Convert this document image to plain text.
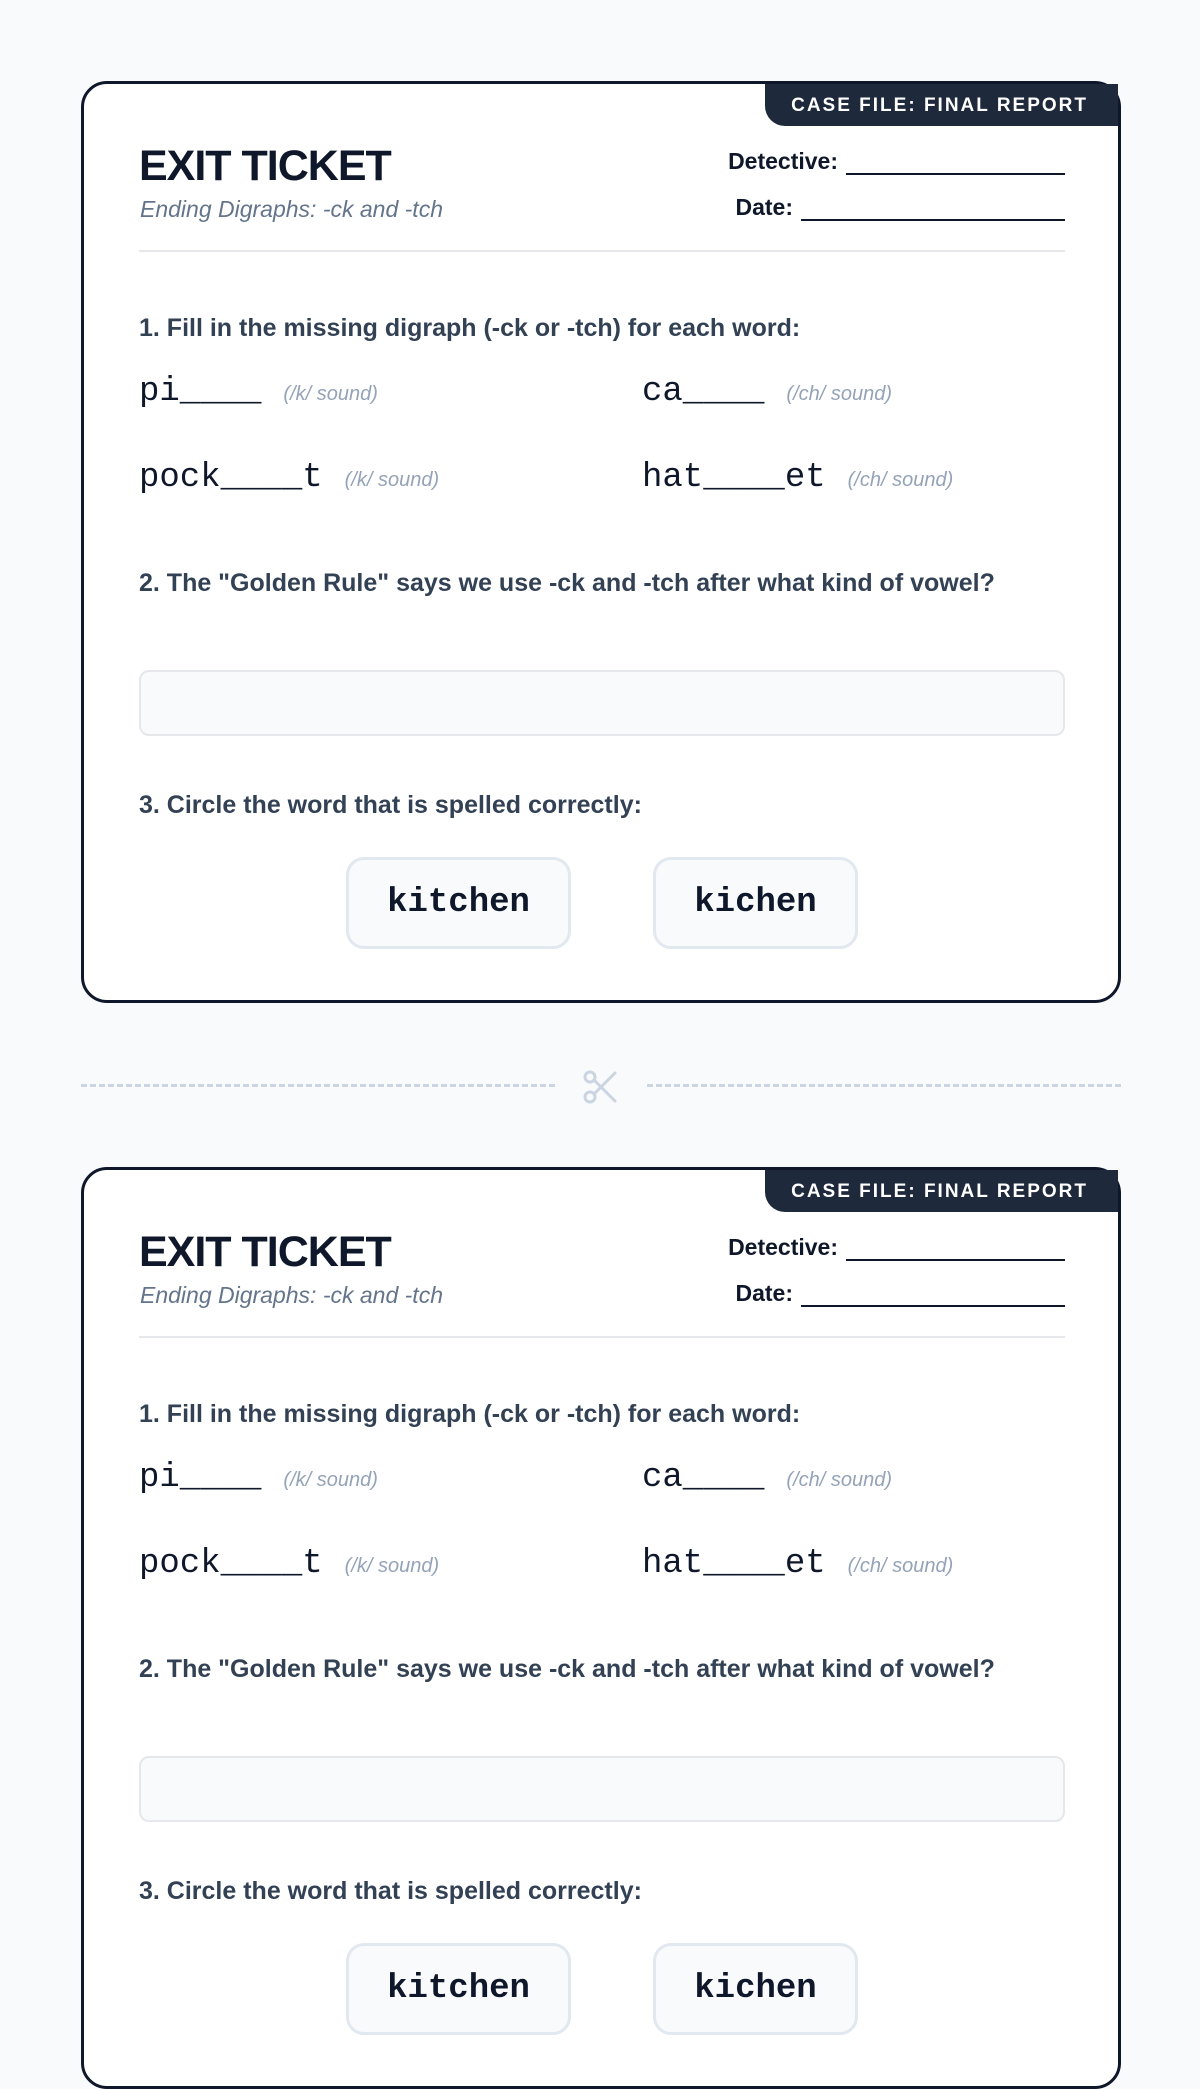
CASE FILE: FINAL REPORT
EXIT TICKET
Ending Digraphs: -ck and -tch
Detective:
Date:
1. Fill in the missing digraph (-ck or -tch) for each word:
pi____ (/k/ sound)	ca____ (/ch/ sound)
pock____t (/k/ sound)	hat____et (/ch/ sound)
2. The "Golden Rule" says we use -ck and -tch after what kind of vowel?
3. Circle the word that is spelled correctly:
kitchen	kichen
CASE FILE: FINAL REPORT
EXIT TICKET
Ending Digraphs: -ck and -tch
Detective:
Date:
1. Fill in the missing digraph (-ck or -tch) for each word:
pi____ (/k/ sound)	ca____ (/ch/ sound)
pock____t (/k/ sound)	hat____et (/ch/ sound)
2. The "Golden Rule" says we use -ck and -tch after what kind of vowel?
3. Circle the word that is spelled correctly:
kitchen	kichen
